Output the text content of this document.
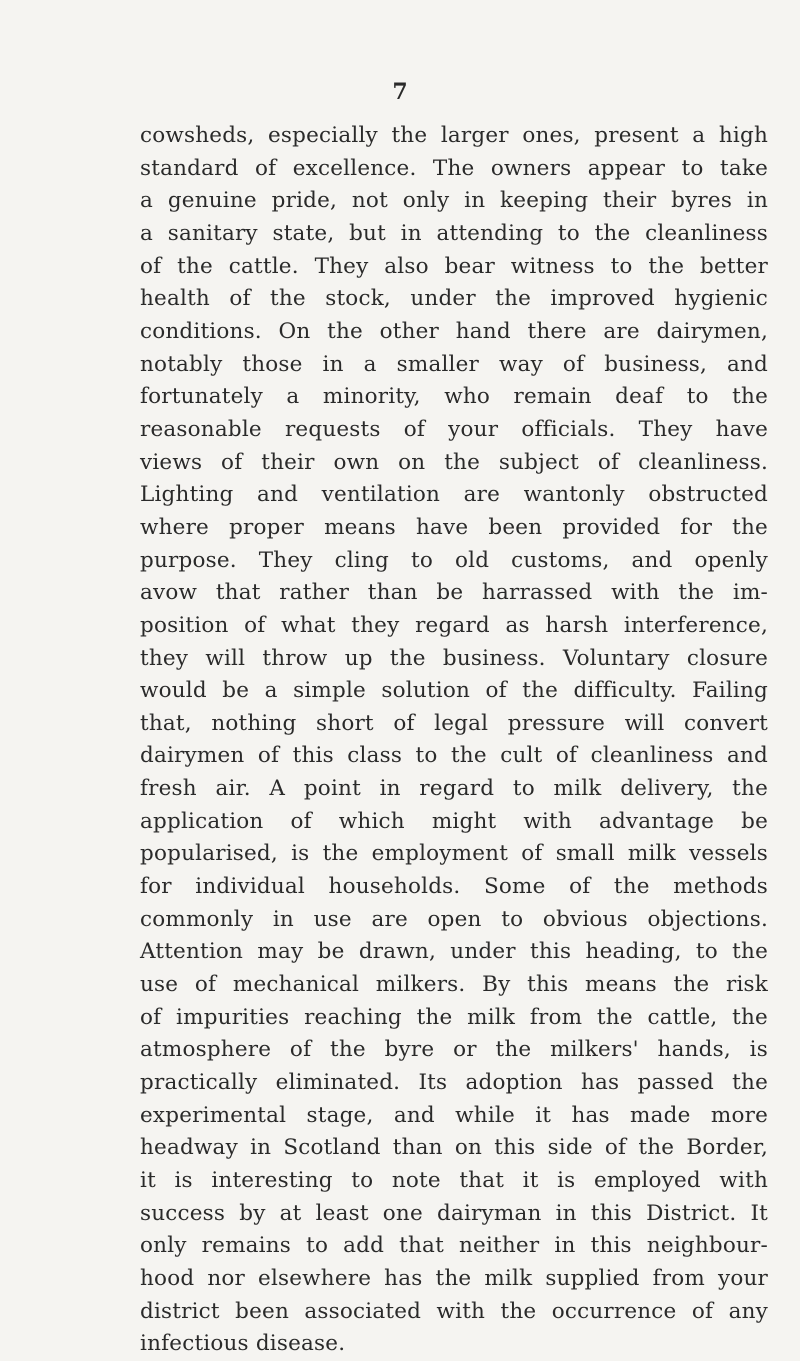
7
cowsheds, especially the larger ones, present a high
standard of excellence. The owners appear to take
a genuine pride, not only in keeping their byres in
a sanitary state, but in attending to the cleanliness
of the cattle. They also bear witness to the better
health of the stock, under the improved hygienic
conditions. On the other hand there are dairymen,
notably those in a smaller way of business, and
fortunately a minority, who remain deaf to the
reasonable requests of your officials. They have
views of their own on the subject of cleanliness.
Lighting and ventilation are wantonly obstructed
where proper means have been provided for the
purpose. They cling to old customs, and openly
avow that rather than be harrassed with the im-
position of what they regard as harsh interference,
they will throw up the business. Voluntary closure
would be a simple solution of the difficulty. Failing
that, nothing short of legal pressure will convert
dairymen of this class to the cult of cleanliness and
fresh air. A point in regard to milk delivery, the
application of which might with advantage be
popularised, is the employment of small milk vessels
for individual households. Some of the methods
commonly in use are open to obvious objections.
Attention may be drawn, under this heading, to the
use of mechanical milkers. By this means the risk
of impurities reaching the milk from the cattle, the
atmosphere of the byre or the milkers' hands, is
practically eliminated. Its adoption has passed the
experimental stage, and while it has made more
headway in Scotland than on this side of the Border,
it is interesting to note that it is employed with
success by at least one dairyman in this District. It
only remains to add that neither in this neighbour-
hood nor elsewhere has the milk supplied from your
district been associated with the occurrence of any
infectious disease.
